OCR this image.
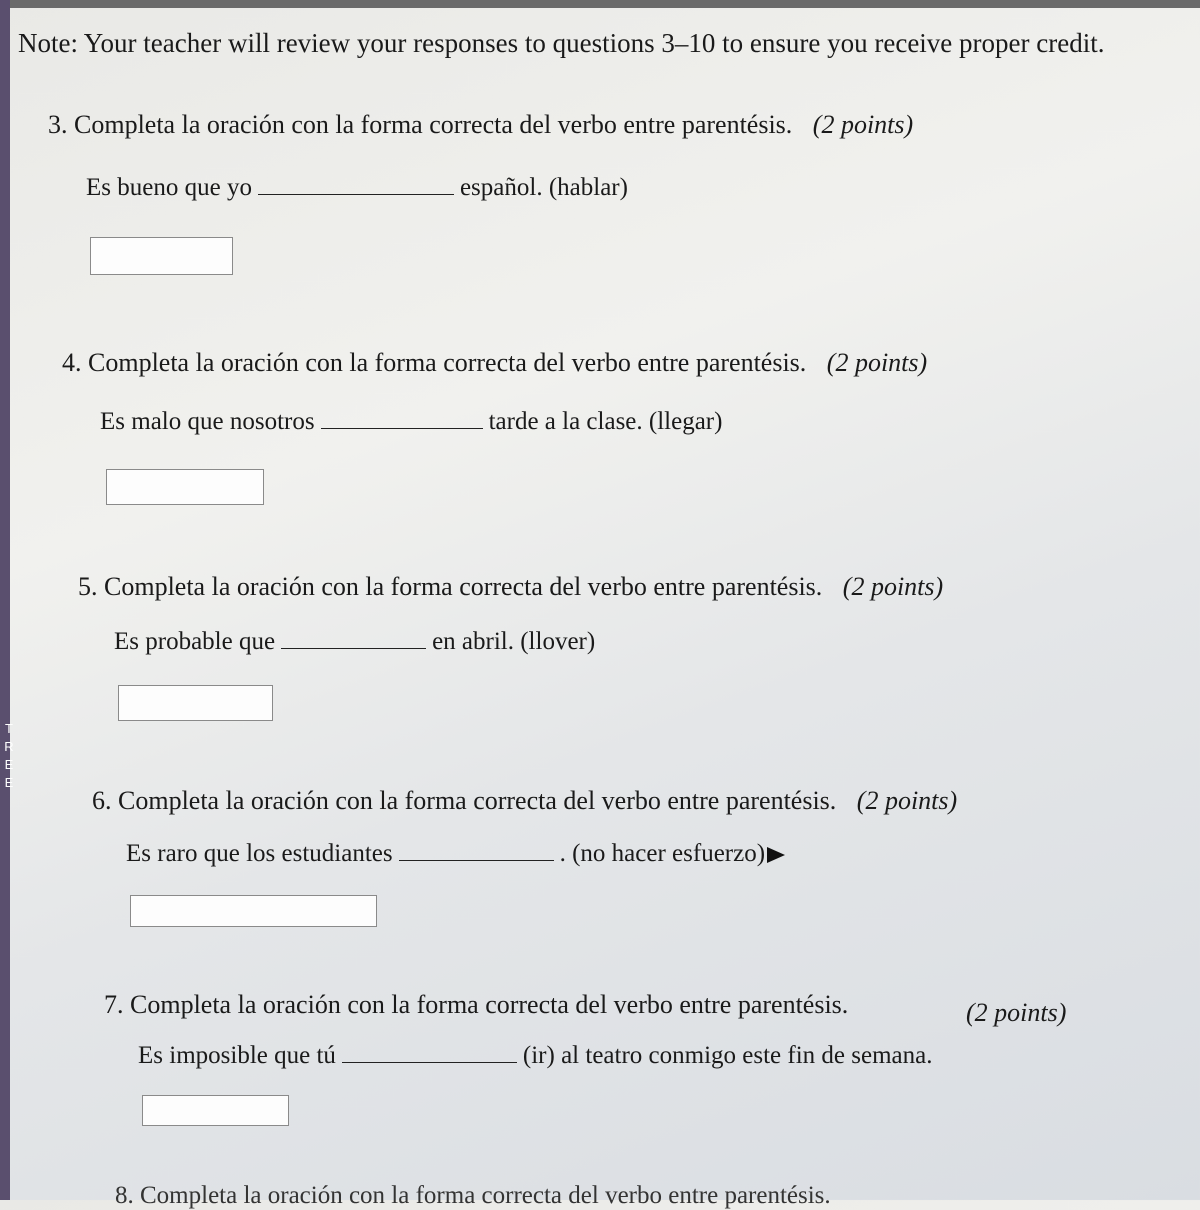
T
R
E
E
Note: Your teacher will review your responses to questions 3–10 to ensure you receive proper credit.
3. Completa la oración con la forma correcta del verbo entre parentésis. (2 points)
Es bueno que yo	español. (hablar)
4. Completa la oración con la forma correcta del verbo entre parentésis. (2 points)
Es malo que nosotros	tarde a la clase. (llegar)
5. Completa la oración con la forma correcta del verbo entre parentésis. (2 points)
Es probable que	en abril. (llover)
6. Completa la oración con la forma correcta del verbo entre parentésis. (2 points)
Es raro que los estudiantes	. (no hacer esfuerzo)
7. Completa la oración con la forma correcta del verbo entre parentésis.	(2 points)
Es imposible que tú	(ir) al teatro conmigo este fin de semana.
8. Completa la oración con la forma correcta del verbo entre parentésis.
